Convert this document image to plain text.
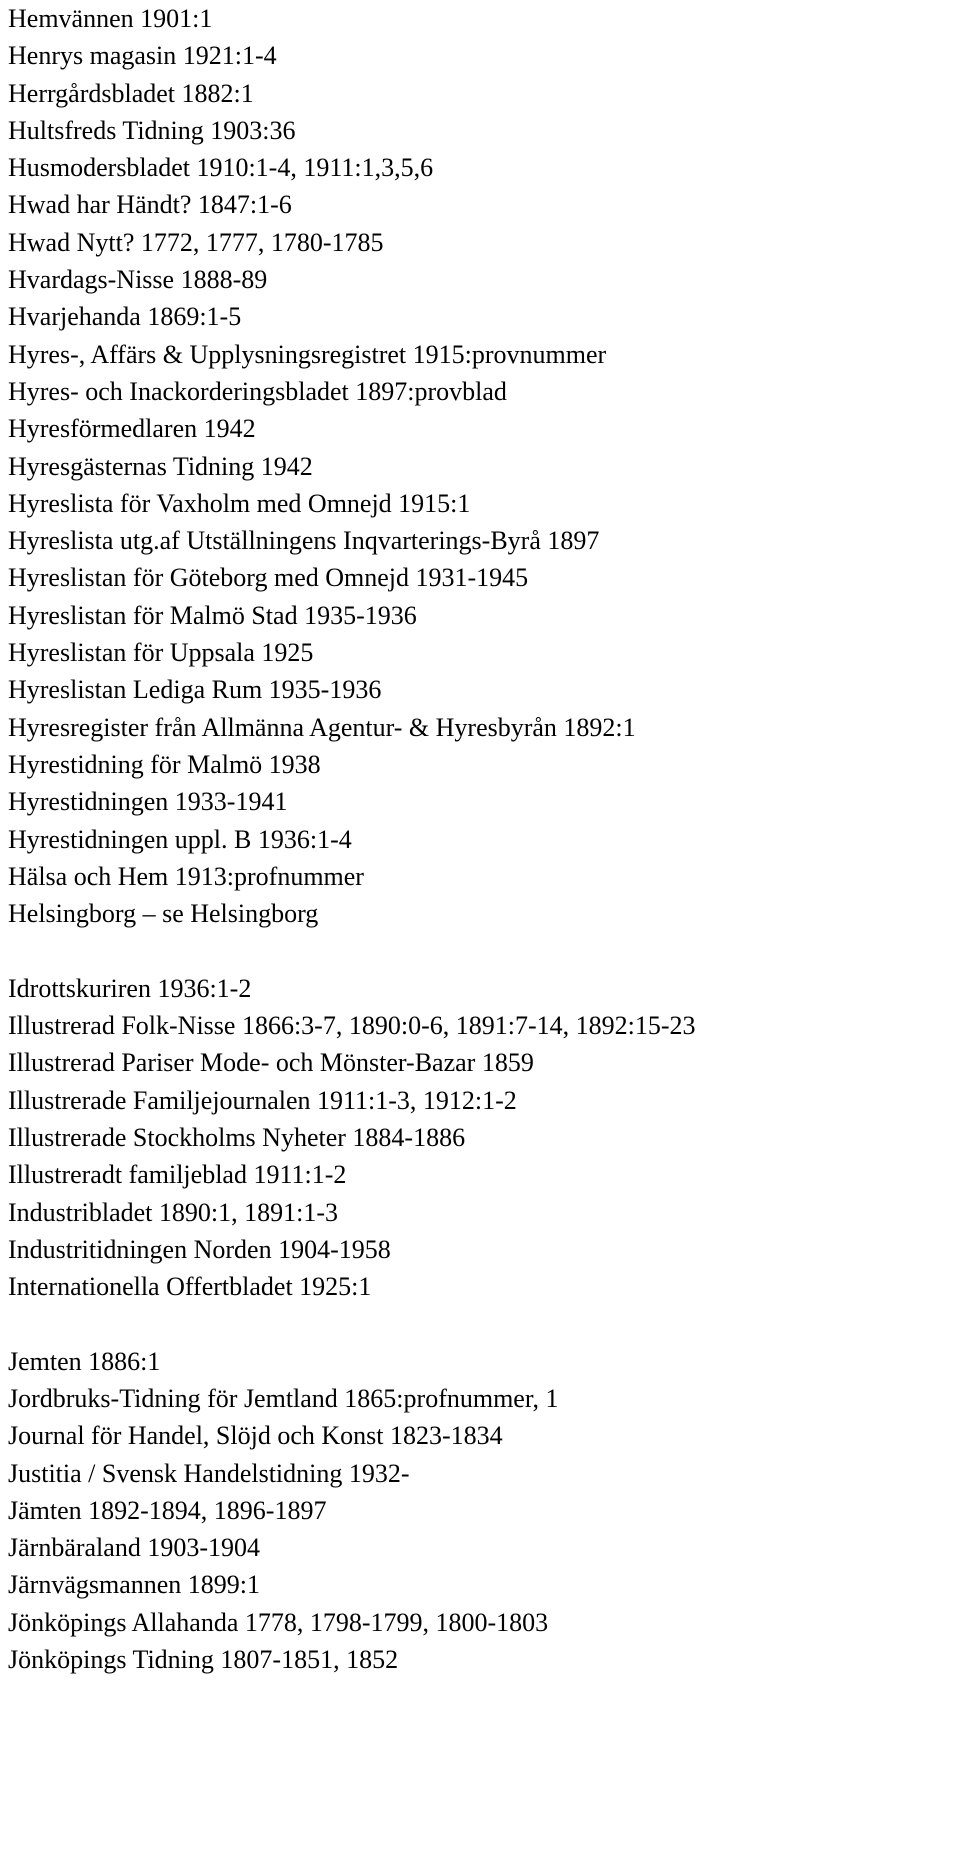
Hemvännen 1901:1
Henrys magasin 1921:1-4
Herrgårdsbladet 1882:1
Hultsfreds Tidning 1903:36
Husmodersbladet 1910:1-4, 1911:1,3,5,6
Hwad har Händt? 1847:1-6
Hwad Nytt? 1772, 1777, 1780-1785
Hvardags-Nisse 1888-89
Hvarjehanda 1869:1-5
Hyres-, Affärs & Upplysningsregistret 1915:provnummer
Hyres- och Inackorderingsbladet 1897:provblad
Hyresförmedlaren 1942
Hyresgästernas Tidning 1942
Hyreslista för Vaxholm med Omnejd 1915:1
Hyreslista utg.af Utställningens Inqvarterings-Byrå 1897
Hyreslistan för Göteborg med Omnejd 1931-1945
Hyreslistan för Malmö Stad 1935-1936
Hyreslistan för Uppsala 1925
Hyreslistan Lediga Rum 1935-1936
Hyresregister från Allmänna Agentur- & Hyresbyrån 1892:1
Hyrestidning för Malmö 1938
Hyrestidningen 1933-1941
Hyrestidningen uppl. B 1936:1-4
Hälsa och Hem 1913:profnummer
Helsingborg – se Helsingborg
Idrottskuriren 1936:1-2
Illustrerad Folk-Nisse 1866:3-7, 1890:0-6, 1891:7-14, 1892:15-23
Illustrerad Pariser Mode- och Mönster-Bazar 1859
Illustrerade Familjejournalen 1911:1-3, 1912:1-2
Illustrerade Stockholms Nyheter 1884-1886
Illustreradt familjeblad 1911:1-2
Industribladet 1890:1, 1891:1-3
Industritidningen Norden 1904-1958
Internationella Offertbladet 1925:1
Jemten 1886:1
Jordbruks-Tidning för Jemtland 1865:profnummer, 1
Journal för Handel, Slöjd och Konst 1823-1834
Justitia / Svensk Handelstidning 1932-
Jämten 1892-1894, 1896-1897
Järnbäraland 1903-1904
Järnvägsmannen 1899:1
Jönköpings Allahanda 1778, 1798-1799, 1800-1803
Jönköpings Tidning 1807-1851, 1852
